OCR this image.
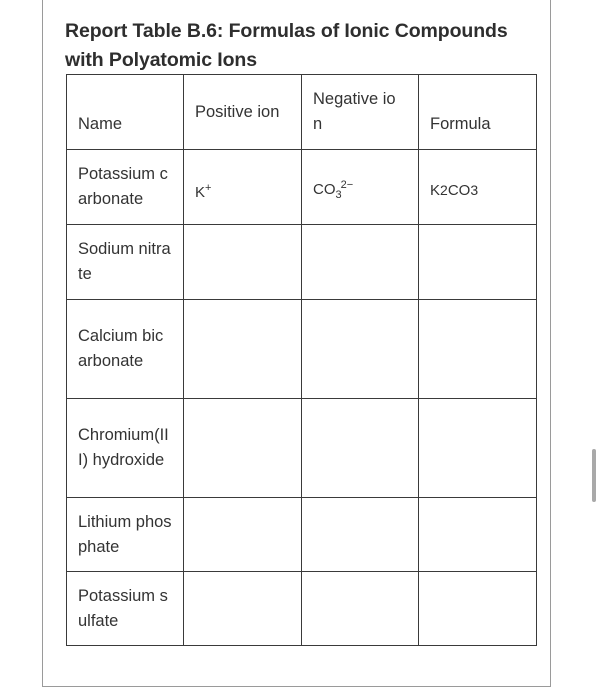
Report Table B.6: Formulas of Ionic Compounds with Polyatomic Ions
Name	Positive ion	Negative ion	Formula
Potassium carbonate	K+	$CO_3^{2-}$	K2CO3
Sodium nitrate			
Calcium bicarbonate			
Chromium(III) hydroxide			
Lithium phosphate			
Potassium sulfate			
